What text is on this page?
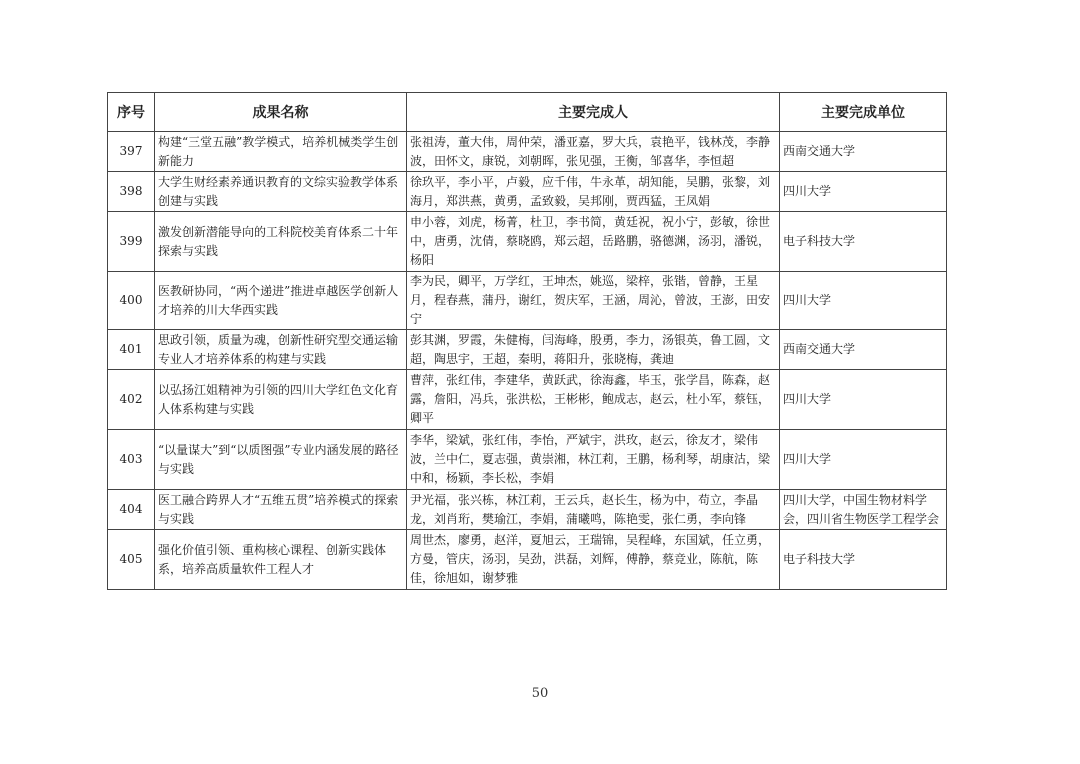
序号	成果名称	主要完成人	主要完成单位
397	构建“三堂五融”教学模式，培养机械类学生创新能力	张祖涛，董大伟，周仲荣，潘亚嘉，罗大兵，袁艳平，钱林茂，李静波，田怀文，康锐，刘朝晖，张见强，王衡，邹喜华，李恒超	西南交通大学
398	大学生财经素养通识教育的文综实验教学体系创建与实践	徐玖平，李小平，卢毅，应千伟，牛永革，胡知能，吴鹏，张黎，刘海月，郑洪燕，黄勇，孟致毅，吴邦刚，贾西猛，王凤娟	四川大学
399	激发创新潜能导向的工科院校美育体系二十年探索与实践	申小蓉，刘虎，杨菁，杜卫，李书简，黄廷祝，祝小宁，彭敏，徐世中，唐勇，沈倩，蔡晓鸥，郑云超，岳路鹏，骆德渊，汤羽，潘锐，杨阳	电子科技大学
400	医教研协同，“两个递进”推进卓越医学创新人才培养的川大华西实践	李为民，卿平，万学红，王坤杰，姚巡，梁梓，张锴，曾静，王星月，程春燕，蒲丹，谢红，贺庆军，王涵，周沁，曾波，王澎，田安宁	四川大学
401	思政引领，质量为魂，创新性研究型交通运输专业人才培养体系的构建与实践	彭其渊，罗霞，朱健梅，闫海峰，殷勇，李力，汤银英，鲁工圆，文超，陶思宇，王超，秦明，蒋阳升，张晓梅，龚迪	西南交通大学
402	以弘扬江姐精神为引领的四川大学红色文化育人体系构建与实践	曹萍，张红伟，李建华，黄跃武，徐海鑫，毕玉，张学昌，陈森，赵露，詹阳，冯兵，张洪松，王彬彬，鲍成志，赵云，杜小军，蔡钰，卿平	四川大学
403	“以量谋大”到“以质图强”专业内涵发展的路径与实践	李华，梁斌，张红伟，李怡，严斌宇，洪玫，赵云，徐友才，梁伟波，兰中仁，夏志强，黄崇湘，林江莉，王鹏，杨利琴，胡康沽，梁中和，杨颖，李长松，李娟	四川大学
404	医工融合跨界人才“五维五贯”培养模式的探索与实践	尹光福，张兴栋，林江莉，王云兵，赵长生，杨为中，苟立，李晶龙，刘肖珩，樊瑜江，李娟，蒲曦鸣，陈艳雯，张仁勇，李向锋	四川大学，中国生物材料学会，四川省生物医学工程学会
405	强化价值引领、重构核心课程、创新实践体系，培养高质量软件工程人才	周世杰，廖勇，赵洋，夏旭云，王瑞锦，吴程峰，东国斌，任立勇，方曼，管庆，汤羽，吴劲，洪磊，刘辉，傅静，蔡竞业，陈航，陈佳，徐旭如，谢梦雅	电子科技大学
50
